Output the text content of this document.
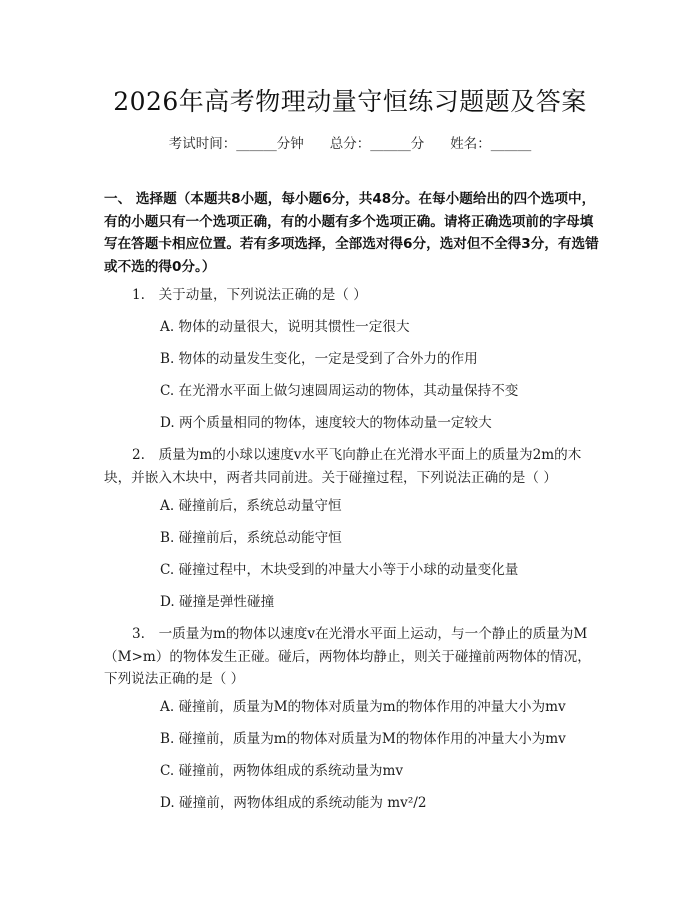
2026年高考物理动量守恒练习题题及答案
考试时间：______分钟 总分：______分 姓名：______
一、 选择题（本题共8小题，每小题6分，共48分。在每小题给出的四个选项中，有的小题只有一个选项正确，有的小题有多个选项正确。请将正确选项前的字母填写在答题卡相应位置。若有多项选择，全部选对得6分，选对但不全得3分，有选错或不选的得0分。）
1.　关于动量，下列说法正确的是（ ）
A. 物体的动量很大，说明其惯性一定很大
B. 物体的动量发生变化，一定是受到了合外力的作用
C. 在光滑水平面上做匀速圆周运动的物体，其动量保持不变
D. 两个质量相同的物体，速度较大的物体动量一定较大
2.　质量为m的小球以速度v水平飞向静止在光滑水平面上的质量为2m的木块，并嵌入木块中，两者共同前进。关于碰撞过程，下列说法正确的是（ ）
A. 碰撞前后，系统总动量守恒
B. 碰撞前后，系统总动能守恒
C. 碰撞过程中，木块受到的冲量大小等于小球的动量变化量
D. 碰撞是弹性碰撞
3.　一质量为m的物体以速度v在光滑水平面上运动，与一个静止的质量为M（M>m）的物体发生正碰。碰后，两物体均静止，则关于碰撞前两物体的情况，下列说法正确的是（ ）
A. 碰撞前，质量为M的物体对质量为m的物体作用的冲量大小为mv
B. 碰撞前，质量为m的物体对质量为M的物体作用的冲量大小为mv
C. 碰撞前，两物体组成的系统动量为mv
D. 碰撞前，两物体组成的系统动能为 mv²/2
